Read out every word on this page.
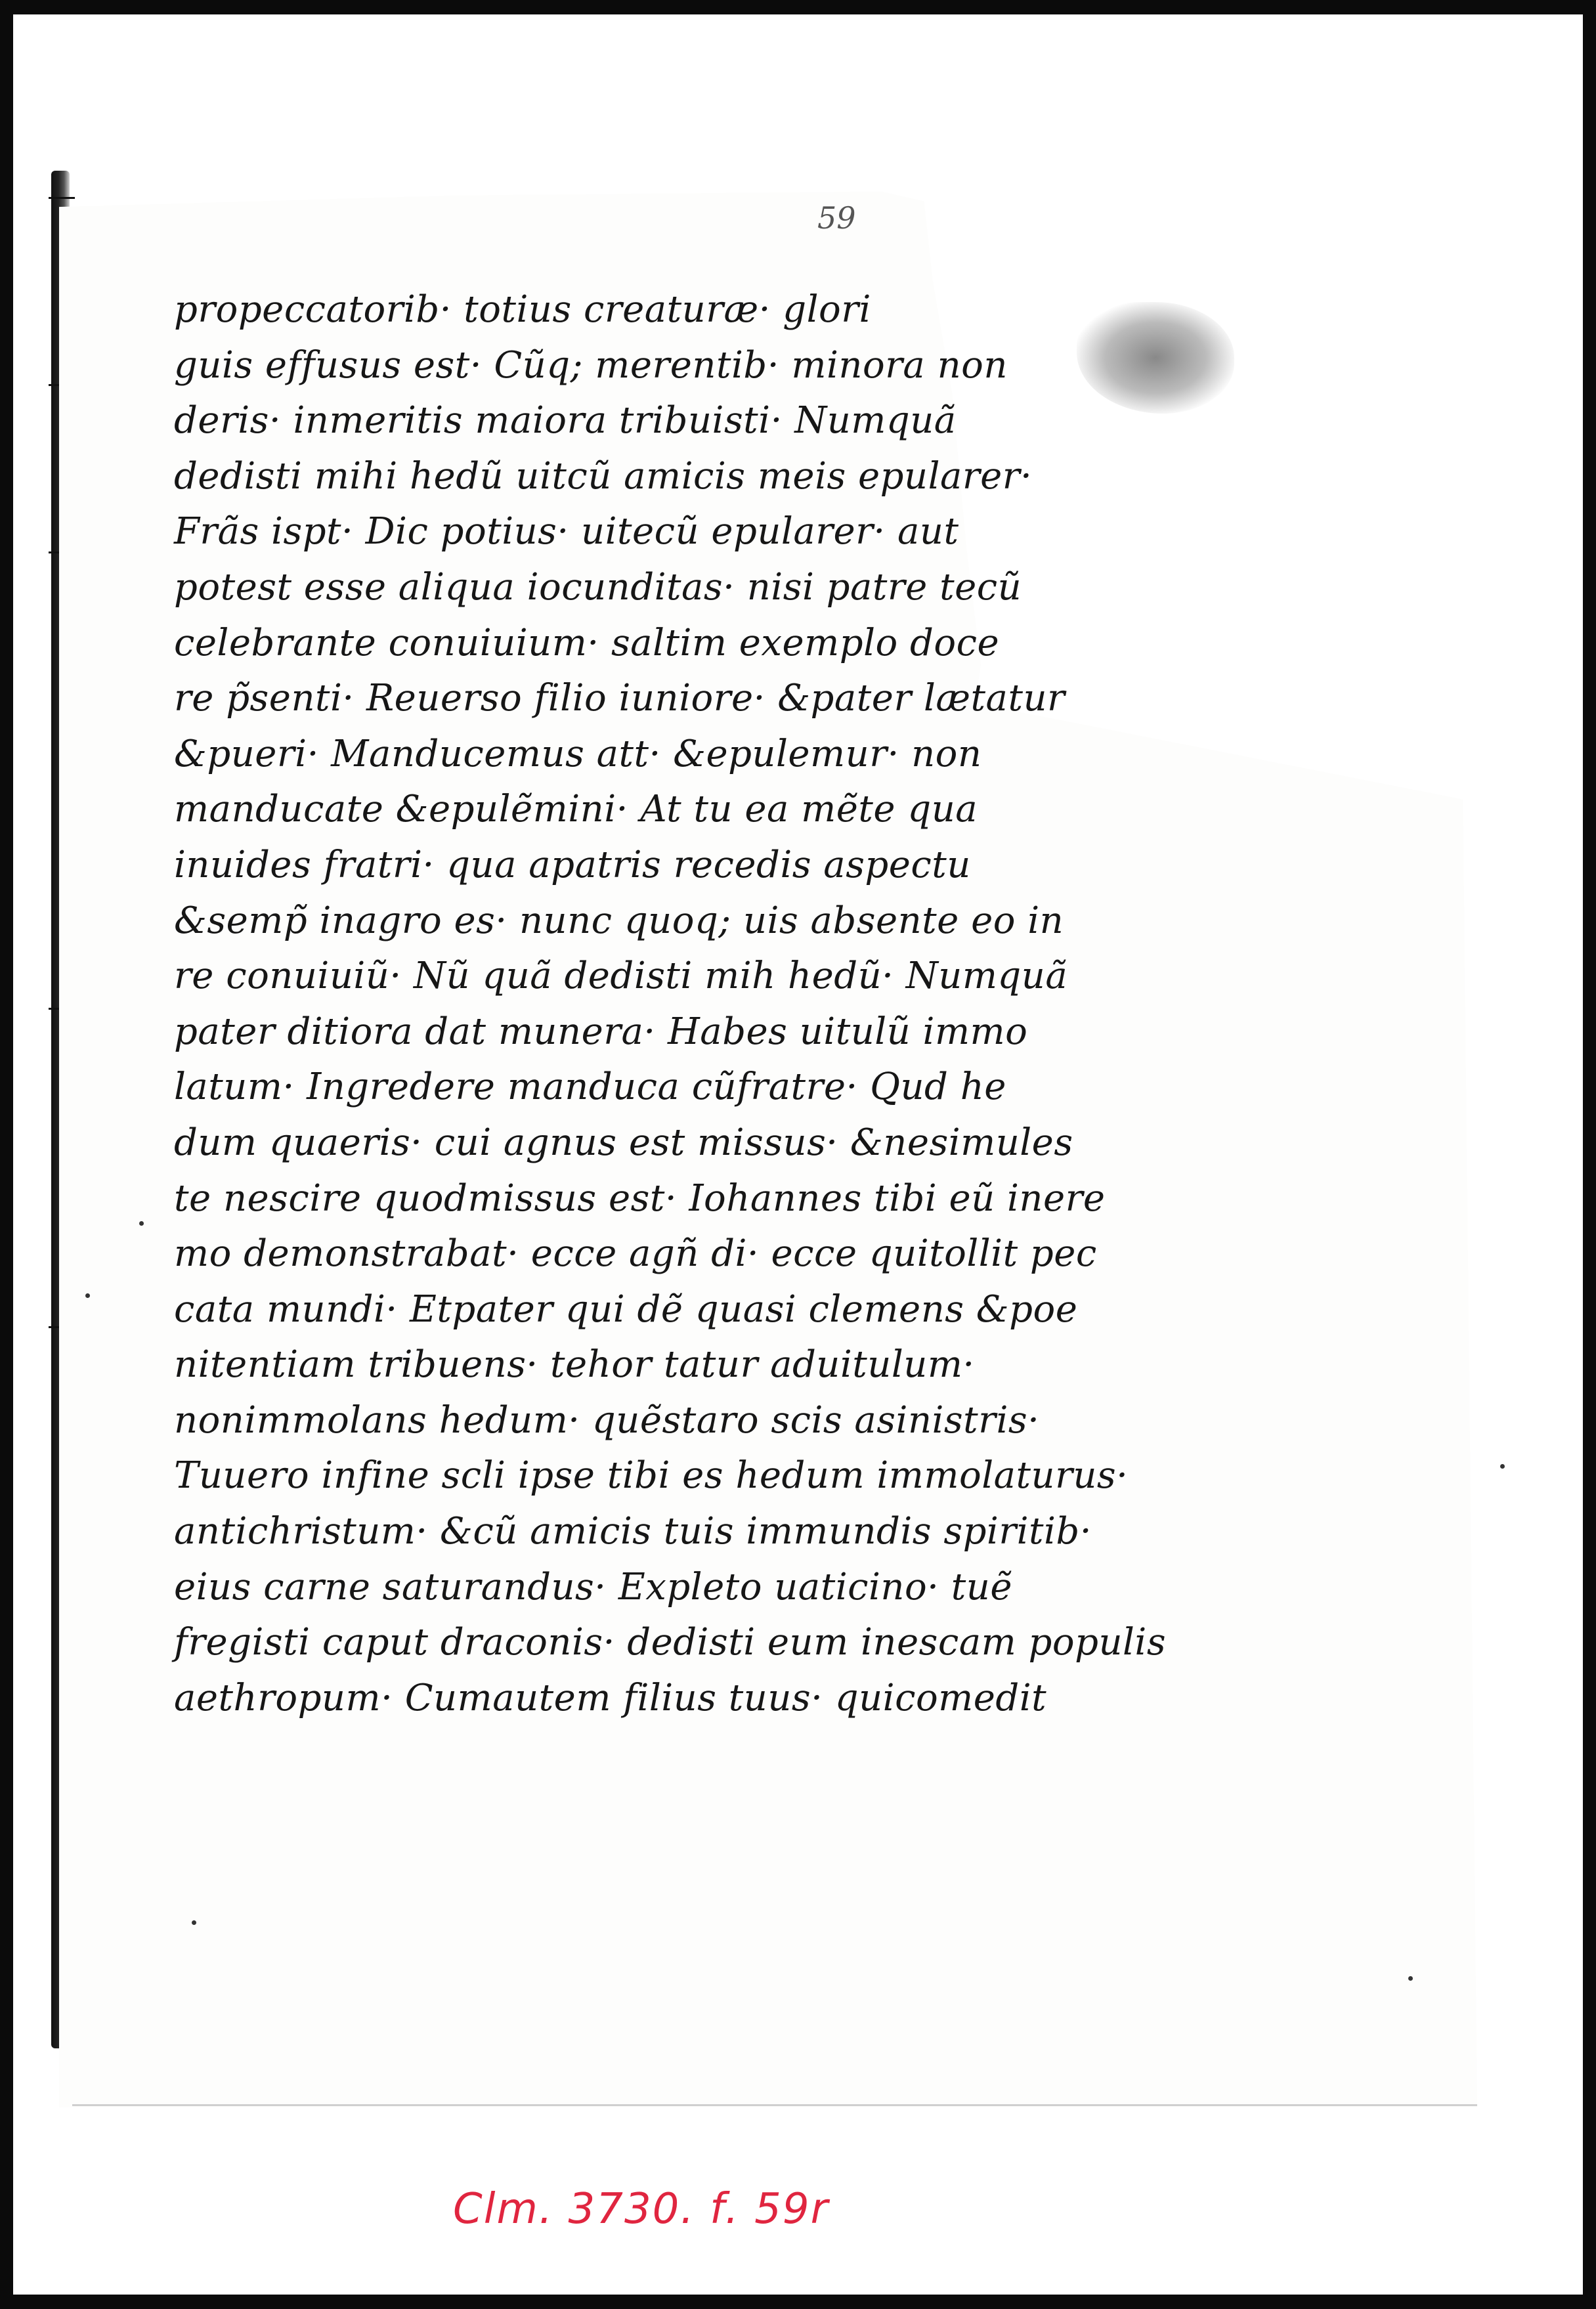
59
propeccatorib· totius creaturæ· glori
guis effusus est· Cũq; merentib· minora non
deris· inmeritis maiora tribuisti· Numquã
dedisti mihi hedũ uitcũ amicis meis epularer·
Frãs ispt· Dic potius· uitecũ epularer· aut
potest esse aliqua iocunditas· nisi patre tecũ
celebrante conuiuium· saltim exemplo doce
re p̃senti· Reuerso filio iuniore· &pater lætatur
&pueri· Manducemus att· &epulemur· non
manducate &epulẽmini· At tu ea mẽte qua
inuides fratri· qua apatris recedis aspectu
&semp̃ inagro es· nunc quoq; uis absente eo in
re conuiuiũ· Nũ quã dedisti mih hedũ· Numquã
pater ditiora dat munera· Habes uitulũ immo
latum· Ingredere manduca cũfratre· Qud he
dum quaeris· cui agnus est missus· &nesimules
te nescire quodmissus est· Iohannes tibi eũ inere
mo demonstrabat· ecce agñ di· ecce quitollit pec
cata mundi· Etpater qui dẽ quasi clemens &poe
nitentiam tribuens· tehor tatur aduitulum·
nonimmolans hedum· quẽstaro scis asinistris·
Tuuero infine scli ipse tibi es hedum immolaturus·
antichristum· &cũ amicis tuis immundis spiritib·
eius carne saturandus· Expleto uaticino· tuẽ
fregisti caput draconis· dedisti eum inescam populis
aethropum· Cumautem filius tuus· quicomedit
Clm. 3730. f. 59r
